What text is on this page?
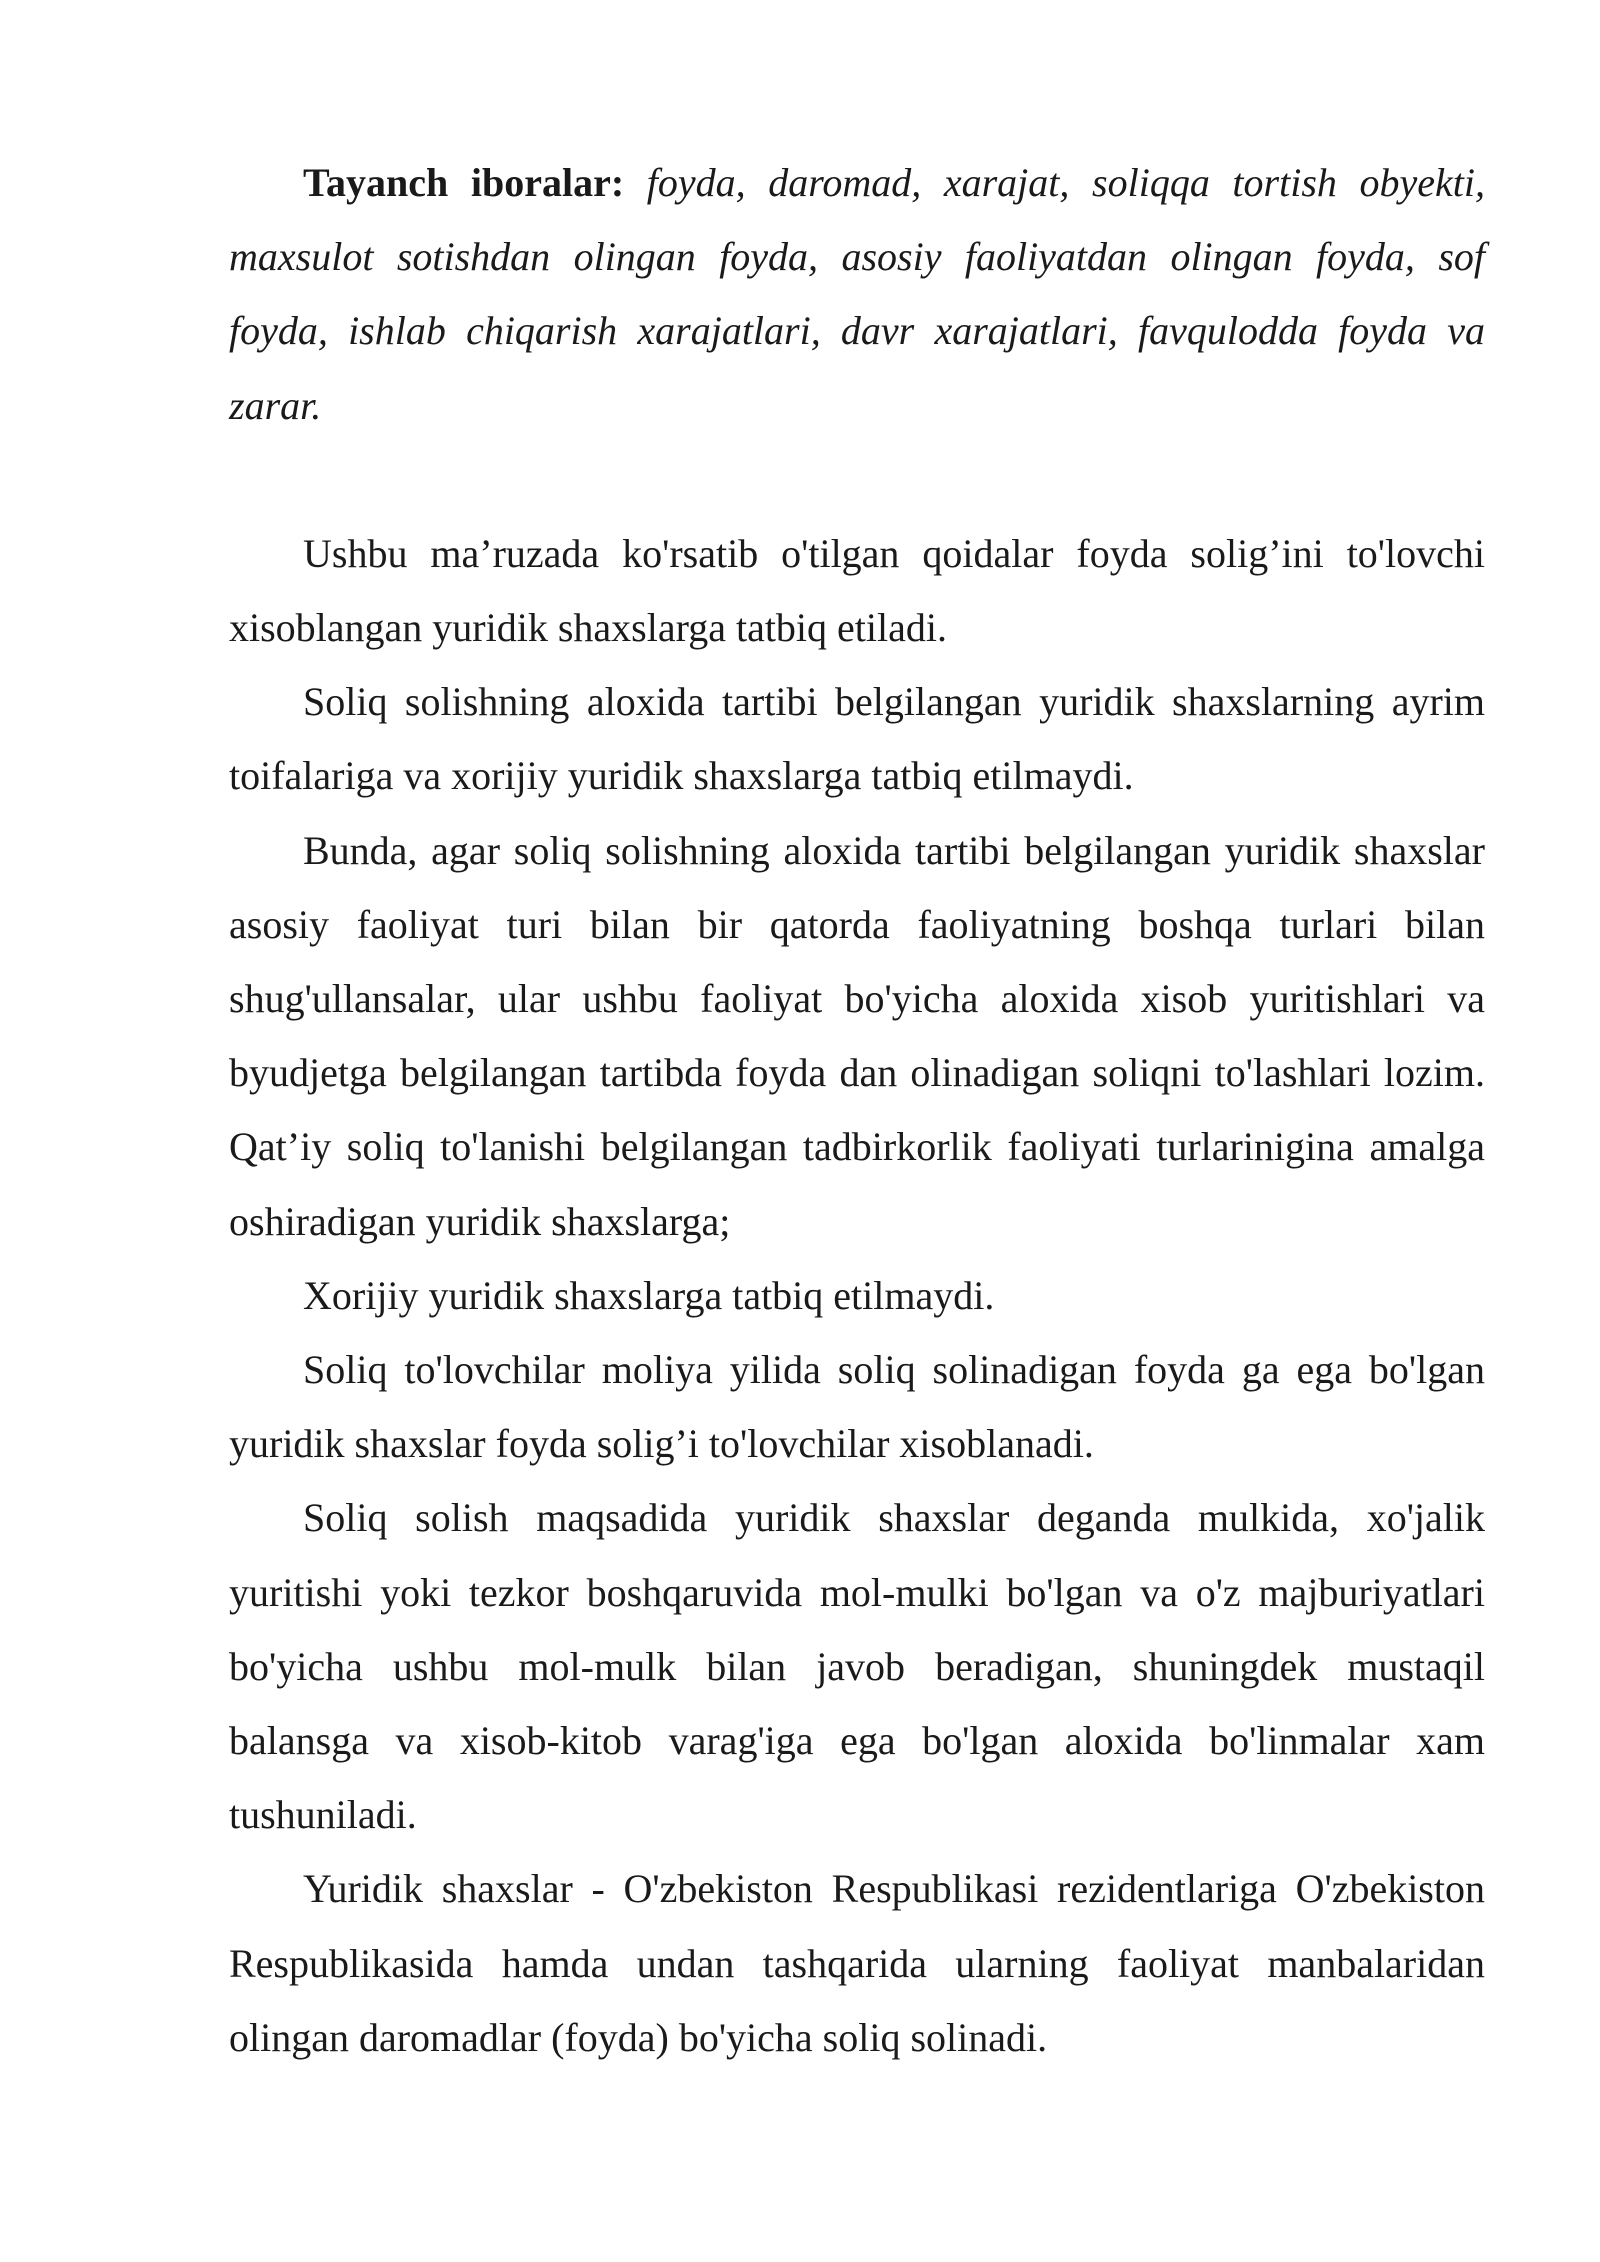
Tayanch iboralar: foyda, daromad, xarajat, soliqqa tortish obyekti, maxsulot sotishdan olingan foyda, asosiy faoliyatdan olingan foyda, sof foyda, ishlab chiqarish xarajatlari, davr xarajatlari, favqulodda foyda va zarar.

Ushbu ma’ruzada ko'rsatib o'tilgan qoidalar foyda solig’ini to'lovchi xisoblangan yuridik shaxslarga tatbiq etiladi.

Soliq solishning aloxida tartibi belgilangan yuridik shaxslarning ayrim toifalariga va xorijiy yuridik shaxslarga tatbiq etilmaydi.

Bunda, agar soliq solishning aloxida tartibi belgilangan yuridik shaxslar asosiy faoliyat turi bilan bir qatorda faoliyatning boshqa turlari bilan shug'ullansalar, ular ushbu faoliyat bo'yicha aloxida xisob yuritishlari va byudjetga belgilangan tartibda foyda dan olinadigan soliqni to'lashlari lozim. Qat’iy soliq to'lanishi belgilangan tadbirkorlik faoliyati turlarinigina amalga oshiradigan yuridik shaxslarga;

Xorijiy yuridik shaxslarga tatbiq etilmaydi.

Soliq to'lovchilar moliya yilida soliq solinadigan foyda ga ega bo'lgan yuridik shaxslar foyda solig’i to'lovchilar xisoblanadi.

Soliq solish maqsadida yuridik shaxslar deganda mulkida, xo'jalik yuritishi yoki tezkor boshqaruvida mol-mulki bo'lgan va o'z majburiyatlari bo'yicha ushbu mol-mulk bilan javob beradigan, shuningdek mustaqil balansga va xisob-kitob varag'iga ega bo'lgan aloxida bo'linmalar xam tushuniladi.

Yuridik shaxslar - O'zbekiston Respublikasi rezidentlariga O'zbekiston Respublikasida hamda undan tashqarida ularning faoliyat manbalaridan olingan daromadlar (foyda) bo'yicha soliq solinadi.
